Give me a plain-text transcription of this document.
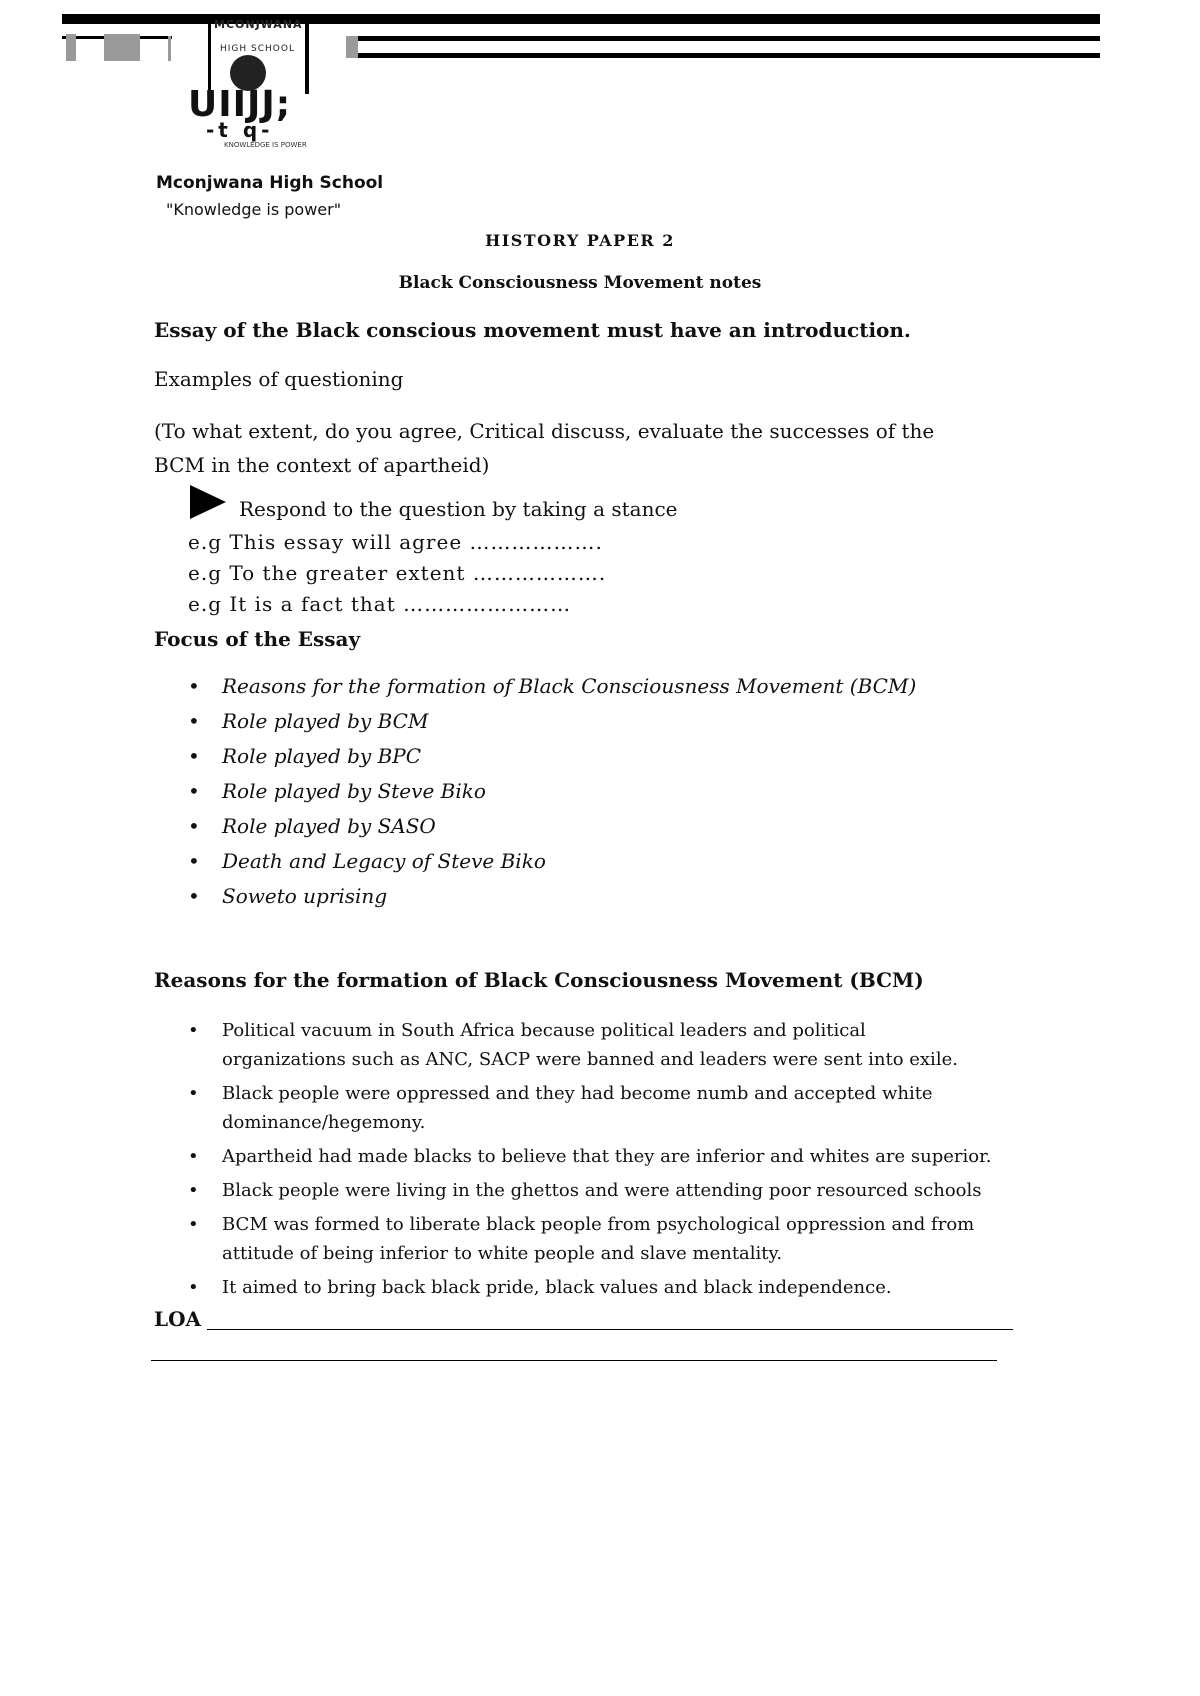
MCONJWANA
HIGH SCHOOL
UIIJJ;
-t q-
KNOWLEDGE IS POWER
Mconjwana High School
"Knowledge is power"
HISTORY PAPER 2
Black Consciousness Movement notes
Essay of the Black conscious movement must have an introduction.
Examples of questioning
(To what extent, do you agree, Critical discuss, evaluate the successes of the BCM in the context of apartheid)
Respond to the question by taking a stance
e.g This essay will agree ……………….
e.g To the greater extent ……………….
e.g It is a fact that ……………………
Focus of the Essay
• Reasons for the formation of Black Consciousness Movement (BCM)
• Role played by BCM
• Role played by BPC
• Role played by Steve Biko
• Role played by SASO
• Death and Legacy of Steve Biko
• Soweto uprising
Reasons for the formation of Black Consciousness Movement (BCM)
• Political vacuum in South Africa because political leaders and political organizations such as ANC, SACP were banned and leaders were sent into exile.
• Black people were oppressed and they had become numb and accepted white dominance/hegemony.
• Apartheid had made blacks to believe that they are inferior and whites are superior.
• Black people were living in the ghettos and were attending poor resourced schools
• BCM was formed to liberate black people from psychological oppression and from attitude of being inferior to white people and slave mentality.
• It aimed to bring back black pride, black values and black independence.
LOA
